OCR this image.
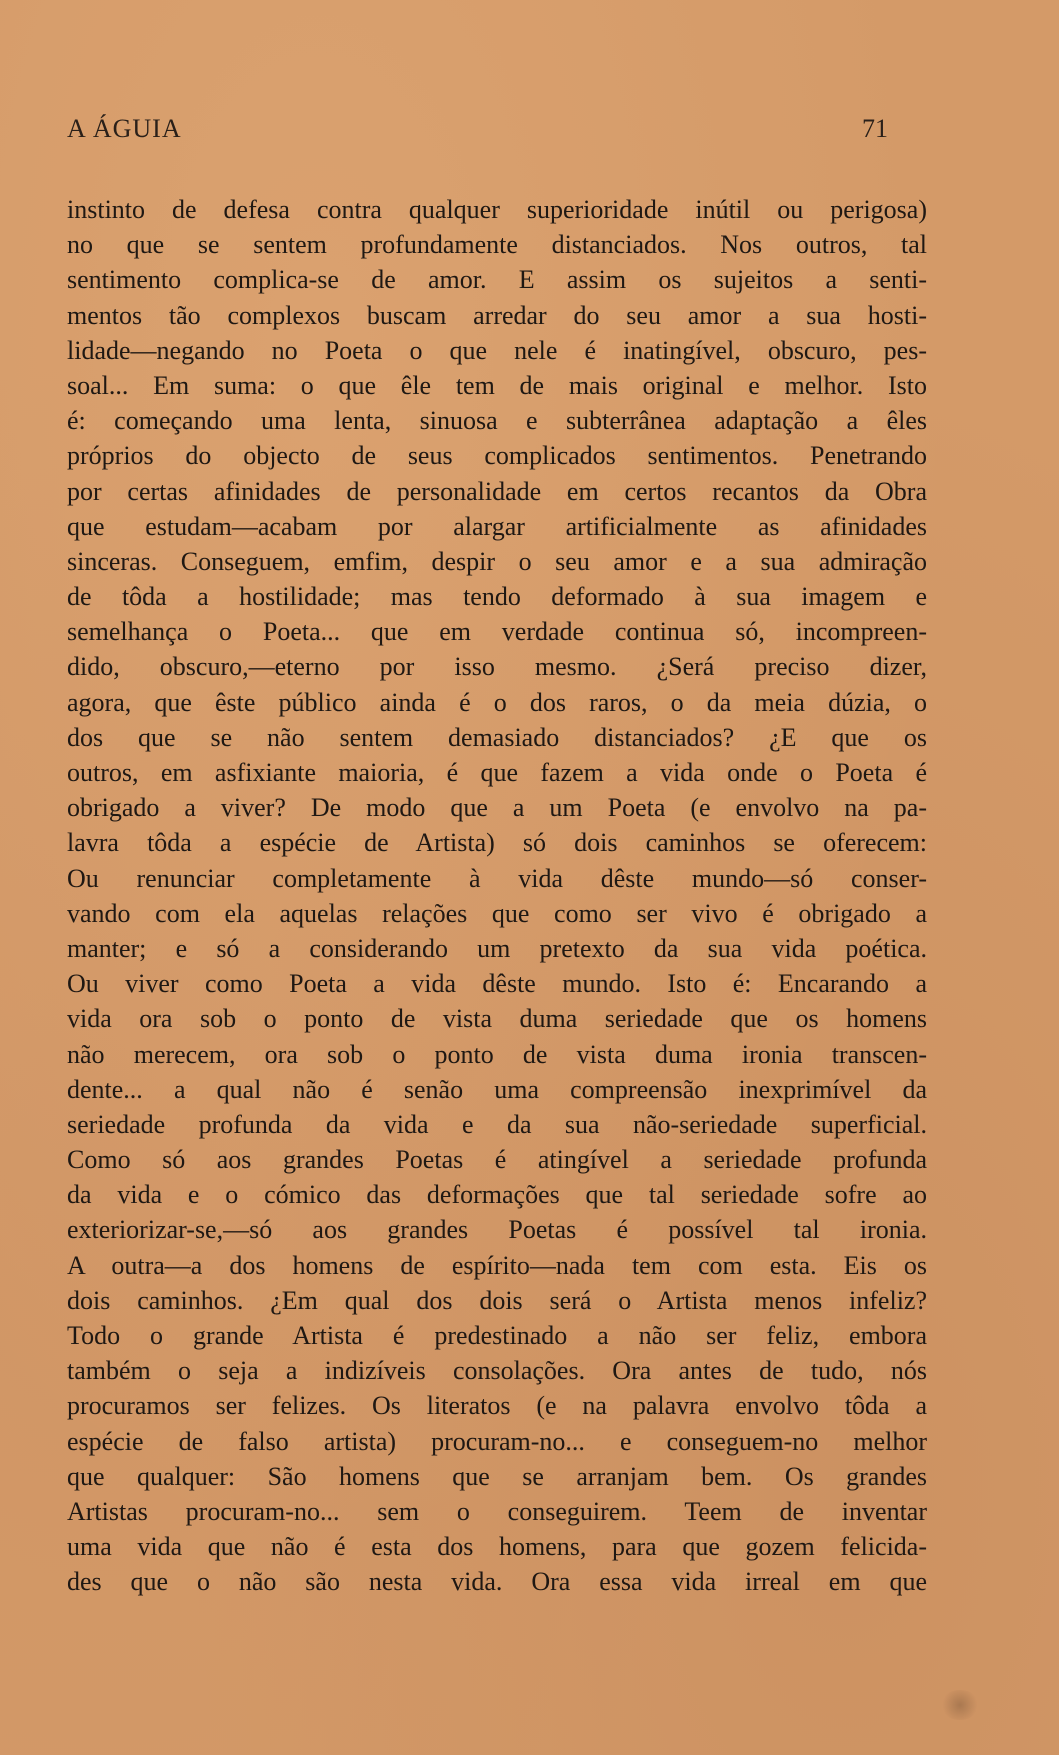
A ÁGUIA	71
instinto de defesa contra qualquer superioridade inútil ou perigosa)
no que se sentem profundamente distanciados. Nos outros, tal
sentimento complica-se de amor. E assim os sujeitos a senti-
mentos tão complexos buscam arredar do seu amor a sua hosti-
lidade—negando no Poeta o que nele é inatingível, obscuro, pes-
soal... Em suma: o que êle tem de mais original e melhor. Isto
é: começando uma lenta, sinuosa e subterrânea adaptação a êles
próprios do objecto de seus complicados sentimentos. Penetrando
por certas afinidades de personalidade em certos recantos da Obra
que estudam—acabam por alargar artificialmente as afinidades
sinceras. Conseguem, emfim, despir o seu amor e a sua admiração
de tôda a hostilidade; mas tendo deformado à sua imagem e
semelhança o Poeta... que em verdade continua só, incompreen-
dido, obscuro,—eterno por isso mesmo. ¿Será preciso dizer,
agora, que êste público ainda é o dos raros, o da meia dúzia, o
dos que se não sentem demasiado distanciados? ¿E que os
outros, em asfixiante maioria, é que fazem a vida onde o Poeta é
obrigado a viver? De modo que a um Poeta (e envolvo na pa-
lavra tôda a espécie de Artista) só dois caminhos se oferecem:
Ou renunciar completamente à vida dêste mundo—só conser-
vando com ela aquelas relações que como ser vivo é obrigado a
manter; e só a considerando um pretexto da sua vida poética.
Ou viver como Poeta a vida dêste mundo. Isto é: Encarando a
vida ora sob o ponto de vista duma seriedade que os homens
não merecem, ora sob o ponto de vista duma ironia transcen-
dente... a qual não é senão uma compreensão inexprimível da
seriedade profunda da vida e da sua não-seriedade superficial.
Como só aos grandes Poetas é atingível a seriedade profunda
da vida e o cómico das deformações que tal seriedade sofre ao
exteriorizar-se,—só aos grandes Poetas é possível tal ironia.
A outra—a dos homens de espírito—nada tem com esta. Eis os
dois caminhos. ¿Em qual dos dois será o Artista menos infeliz?
Todo o grande Artista é predestinado a não ser feliz, embora
também o seja a indizíveis consolações. Ora antes de tudo, nós
procuramos ser felizes. Os literatos (e na palavra envolvo tôda a
espécie de falso artista) procuram-no... e conseguem-no melhor
que qualquer: São homens que se arranjam bem. Os grandes
Artistas procuram-no... sem o conseguirem. Teem de inventar
uma vida que não é esta dos homens, para que gozem felicida-
des que o não são nesta vida. Ora essa vida irreal em que
